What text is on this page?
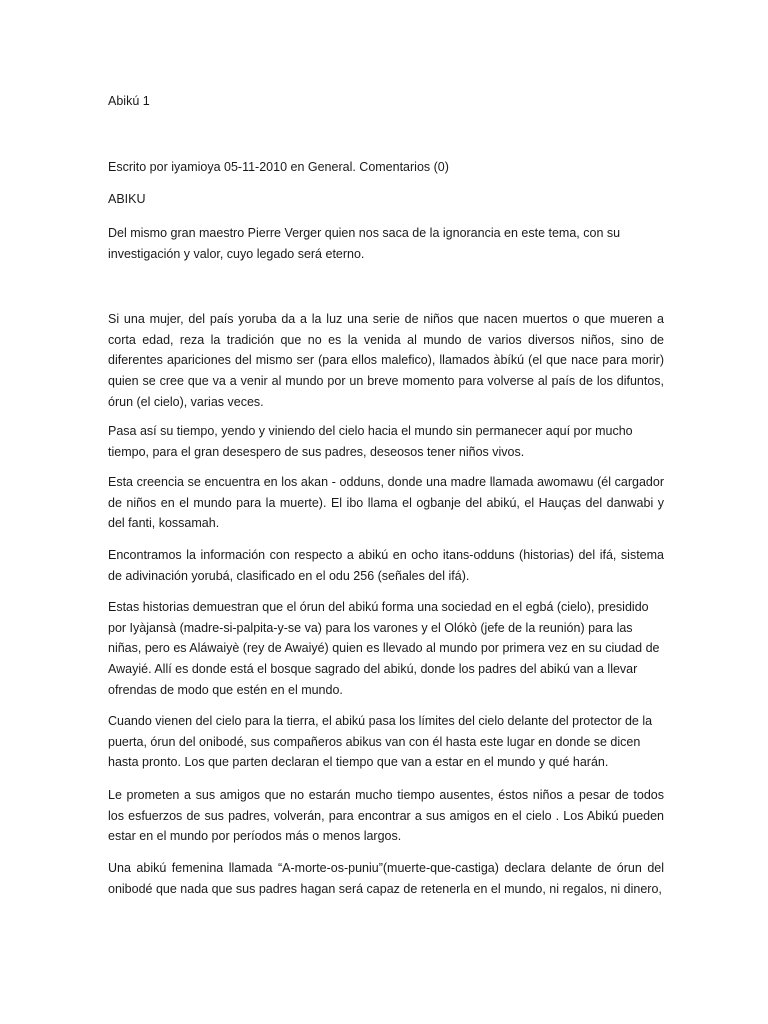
Abikú 1

Escrito por iyamioya 05-11-2010 en General. Comentarios (0)

ABIKU

Del mismo gran maestro Pierre Verger quien nos saca de la ignorancia en este tema, con su investigación y valor, cuyo legado será eterno.

Si una mujer, del país yoruba da a la luz una serie de niños que nacen muertos o que mueren a corta edad, reza la tradición que no es la venida al mundo de varios diversos niños, sino de diferentes apariciones del mismo ser (para ellos malefico), llamados àbíkú (el que nace para morir) quien se cree que va a venir al mundo por un breve momento para volverse al país de los difuntos, órun (el cielo), varias veces.

Pasa así su tiempo, yendo y viniendo del cielo hacia el mundo sin permanecer aquí por mucho tiempo, para el gran desespero de sus padres, deseosos tener niños vivos.

Esta creencia se encuentra en los akan - odduns, donde una madre llamada awomawu (él cargador de niños en el mundo para la muerte). El ibo llama el ogbanje del abikú, el Hauças del danwabi y del fanti, kossamah.

Encontramos la información con respecto a abikú en ocho itans-odduns (historias) del ifá, sistema de adivinación yorubá, clasificado en el odu 256 (señales del ifá).

Estas historias demuestran que el órun del abikú forma una sociedad en el egbá (cielo), presidido por Iyàjansà (madre-si-palpita-y-se va) para los varones y el Olókò (jefe de la reunión) para las niñas, pero es Aláwaiyè (rey de Awaiyé) quien es llevado al mundo por primera vez en su ciudad de Awayié. Allí es donde está el bosque sagrado del abikú, donde los padres del abikú van a llevar ofrendas de modo que estén en el mundo.

Cuando vienen del cielo para la tierra, el abikú pasa los límites del cielo delante del protector de la puerta, órun del onibodé, sus compañeros abikus van con él hasta este lugar en donde se dicen hasta pronto. Los que parten declaran el tiempo que van a estar en el mundo y qué harán.

Le prometen a sus amigos que no estarán mucho tiempo ausentes, éstos niños a pesar de todos los esfuerzos de sus padres, volverán, para encontrar a sus amigos en el cielo . Los Abikú pueden estar en el mundo por períodos más o menos largos.

Una abikú femenina llamada “A-morte-os-puniu”(muerte-que-castiga) declara delante de órun del onibodé que nada que sus padres hagan será capaz de retenerla en el mundo, ni regalos, ni dinero,
